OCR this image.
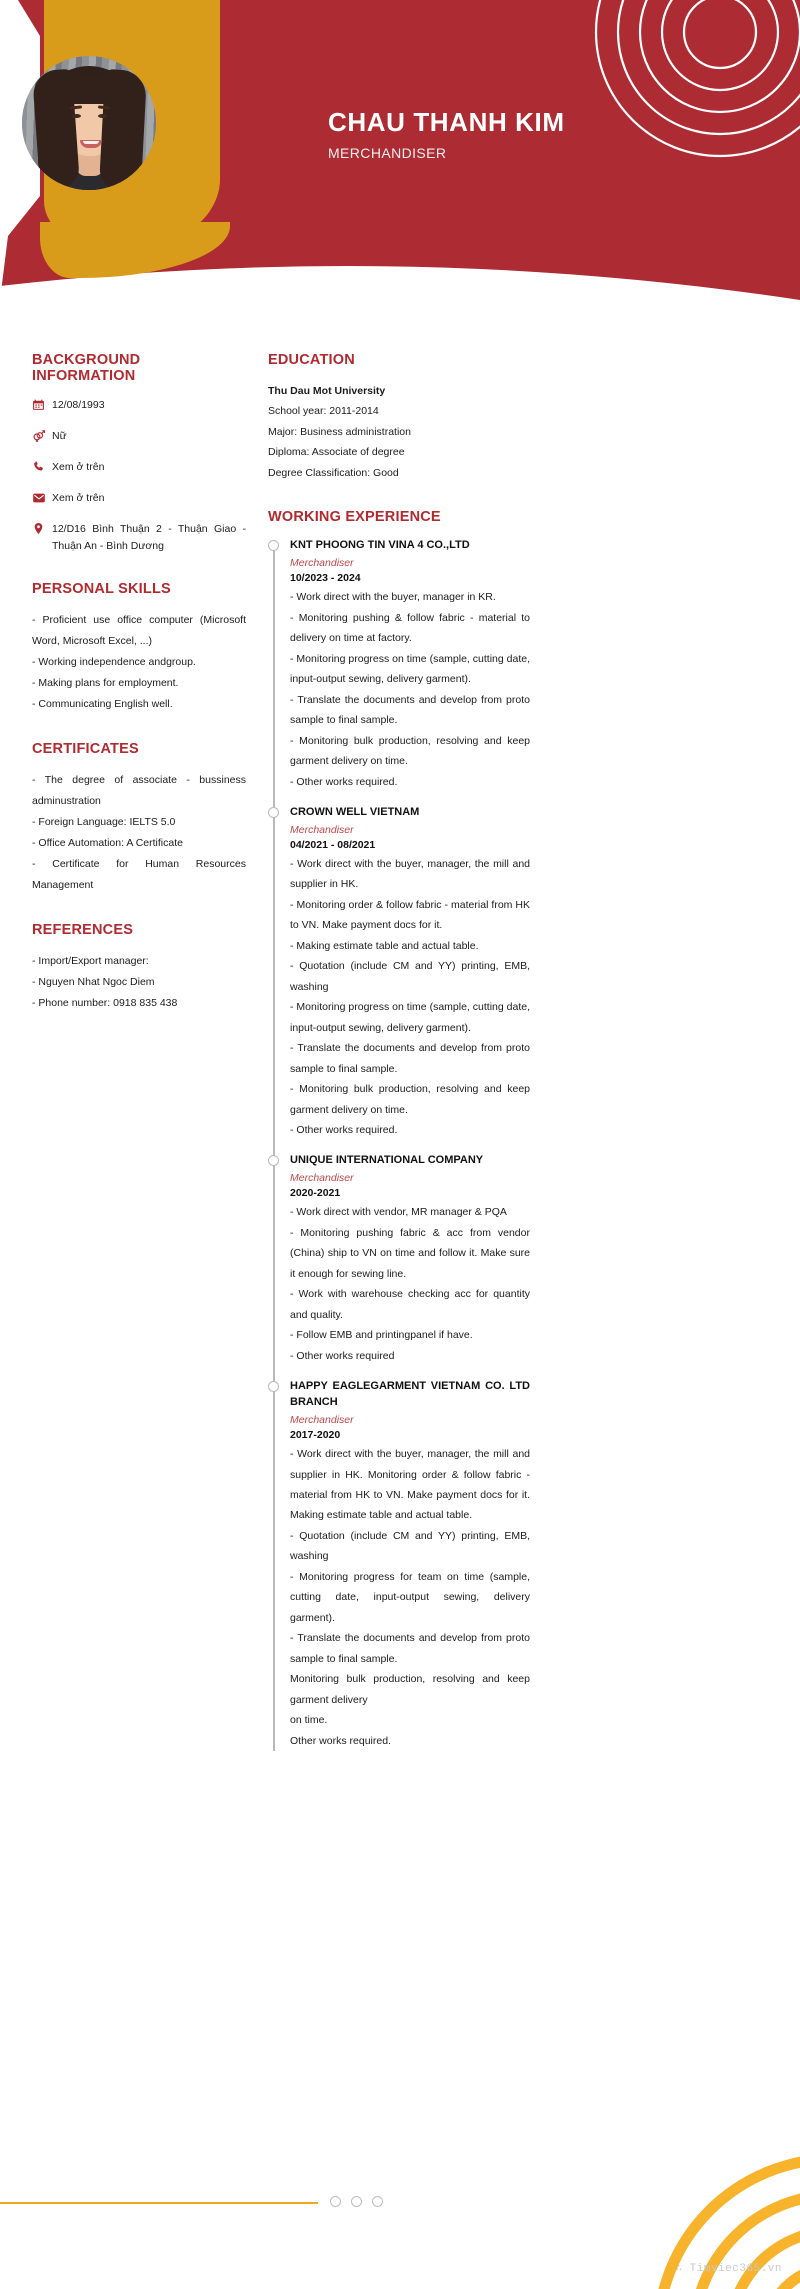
CHAU THANH KIM
MERCHANDISER
BACKGROUND INFORMATION
12/08/1993
Nữ
Xem ở trên
Xem ở trên
12/D16 Bình Thuận 2 - Thuận Giao - Thuận An - Bình Dương
PERSONAL SKILLS

- Proficient use office computer (Microsoft Word, Microsoft Excel, ...)

- Working independence andgroup.

- Making plans for employment.

- Communicating English well.

CERTIFICATES

- The degree of associate - bussiness adminustration

- Foreign Language: IELTS 5.0

- Office Automation: A Certificate

- Certificate for Human Resources Management

REFERENCES

- Import/Export manager:

- Nguyen Nhat Ngoc Diem

- Phone number: 0918 835 438

EDUCATION

Thu Dau Mot University

School year: 2011-2014

Major: Business administration

Diploma: Associate of degree

Degree Classification: Good

WORKING EXPERIENCE
KNT PHOONG TIN VINA 4 CO.,LTD
Merchandiser
10/2023 - 2024

- Work direct with the buyer, manager in KR.

- Monitoring pushing & follow fabric - material to delivery on time at factory.

- Monitoring progress on time (sample, cutting date, input-output sewing, delivery garment).

- Translate the documents and develop from proto sample to final sample.

- Monitoring bulk production, resolving and keep garment delivery on time.

- Other works required.

CROWN WELL VIETNAM
Merchandiser
04/2021 - 08/2021

- Work direct with the buyer, manager, the mill and supplier in HK.

- Monitoring order & follow fabric - material from HK to VN. Make payment docs for it.

- Making estimate table and actual table.

- Quotation (include CM and YY) printing, EMB, washing

- Monitoring progress on time (sample, cutting date, input-output sewing, delivery garment).

- Translate the documents and develop from proto sample to final sample.

- Monitoring bulk production, resolving and keep garment delivery on time.

- Other works required.

UNIQUE INTERNATIONAL COMPANY
Merchandiser
2020-2021

- Work direct with vendor, MR manager & PQA

- Monitoring pushing fabric & acc from vendor (China) ship to VN on time and follow it. Make sure it enough for sewing line.

- Work with warehouse checking acc for quantity and quality.

- Follow EMB and printingpanel if have.

- Other works required

HAPPY EAGLEGARMENT VIETNAM CO. LTD BRANCH
Merchandiser
2017-2020

- Work direct with the buyer, manager, the mill and supplier in HK. Monitoring order & follow fabric - material from HK to VN. Make payment docs for it. Making estimate table and actual table.

- Quotation (include CM and YY) printing, EMB, washing

- Monitoring progress for team on time (sample, cutting date, input-output sewing, delivery garment).

- Translate the documents and develop from proto sample to final sample.

Monitoring bulk production, resolving and keep garment delivery

on time.

Other works required.

∴ Timviec365.vn
